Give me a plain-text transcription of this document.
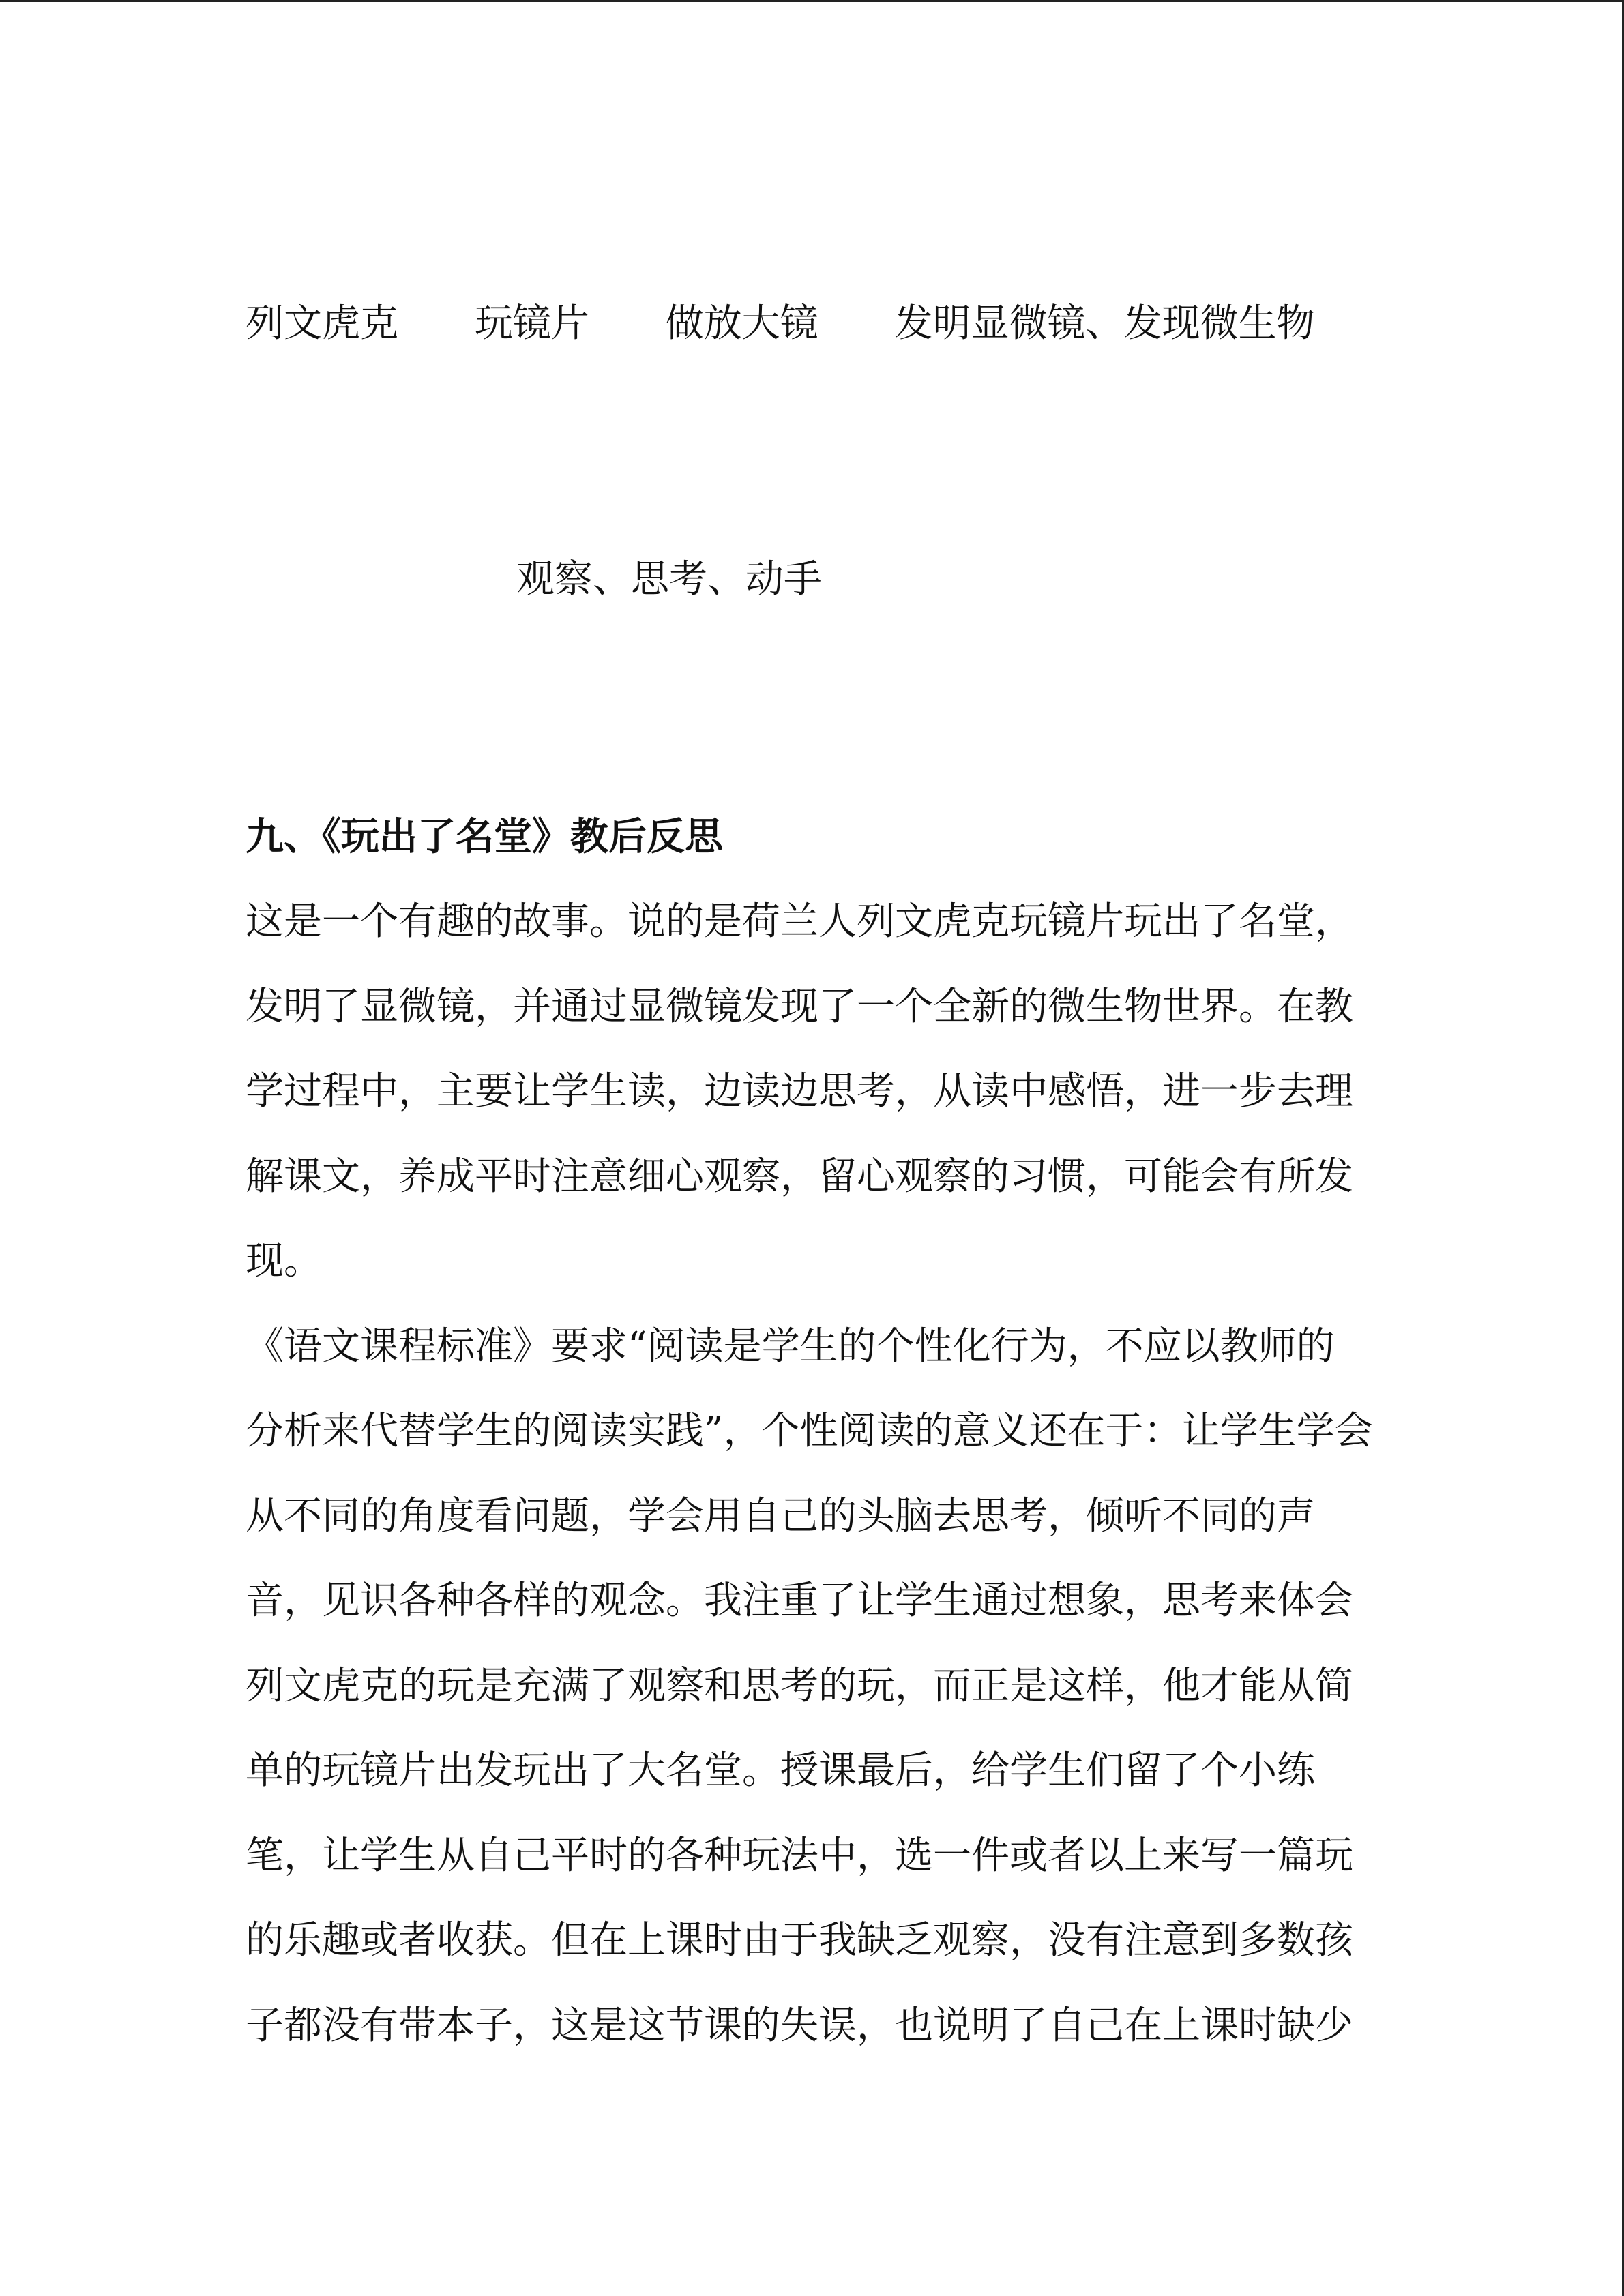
列文虎克 玩镜片 做放大镜 发明显微镜、发现微生物
观察、思考、动手
九、《玩出了名堂》教后反思
这是一个有趣的故事。说的是荷兰人列文虎克玩镜片玩出了名堂，
发明了显微镜，并通过显微镜发现了一个全新的微生物世界。在教
学过程中，主要让学生读，边读边思考，从读中感悟，进一步去理
解课文，养成平时注意细心观察，留心观察的习惯，可能会有所发
现。
《语文课程标准》要求“阅读是学生的个性化行为，不应以教师的
分析来代替学生的阅读实践”，个性阅读的意义还在于：让学生学会
从不同的角度看问题，学会用自己的头脑去思考，倾听不同的声
音，见识各种各样的观念。我注重了让学生通过想象，思考来体会
列文虎克的玩是充满了观察和思考的玩，而正是这样，他才能从简
单的玩镜片出发玩出了大名堂。授课最后，给学生们留了个小练
笔，让学生从自己平时的各种玩法中，选一件或者以上来写一篇玩
的乐趣或者收获。但在上课时由于我缺乏观察，没有注意到多数孩
子都没有带本子，这是这节课的失误，也说明了自己在上课时缺少
